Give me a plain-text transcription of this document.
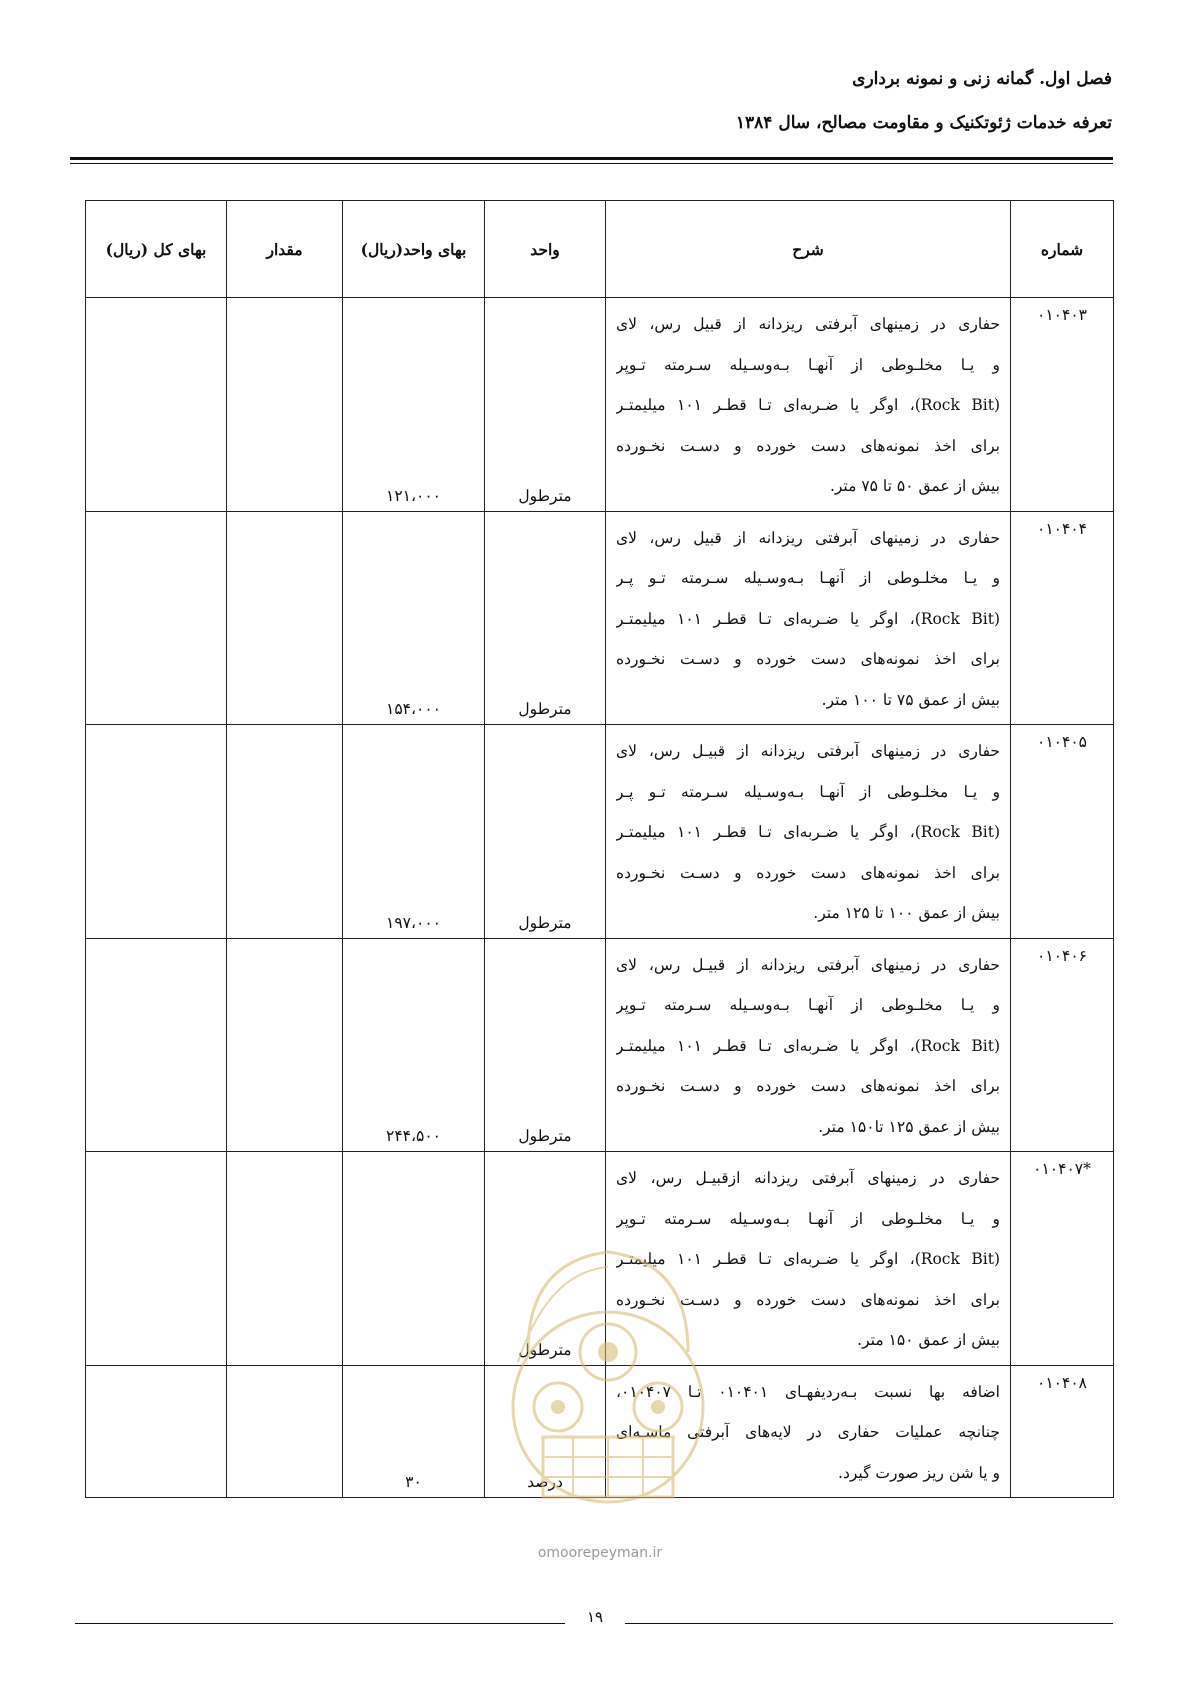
فصل اول. گمانه زنی و نمونه برداری
تعرفه خدمات ژئوتکنیک و مقاومت مصالح، سال ۱۳۸۴
شماره	شرح	واحد	بهای واحد(ریال)	مقدار	بهای کل (ریال)
۰۱۰۴۰۳	حفاری در زمینهای آبرفتی ریزدانه از قبیل رس، لای
و یـا مخلـوطی از آنهـا بـه‌وسـیله سـرمته تـوپر
(Rock Bit)، اوگر یا ضـربه‌ای تـا قطـر ۱۰۱ میلیمتـر
برای اخذ نمونه‌های دست خورده و دسـت نخـورده
بیش از عمق ۵۰ تا ۷۵ متر.	مترطول	۱۲۱،۰۰۰		
۰۱۰۴۰۴	حفاری در زمینهای آبرفتی ریزدانه از قبیل رس، لای
و یـا مخلـوطی از آنهـا بـه‌وسـیله سـرمته تـو پـر
(Rock Bit)، اوگر یا ضـربه‌ای تـا قطـر ۱۰۱ میلیمتـر
برای اخذ نمونه‌های دست خورده و دسـت نخـورده
بیش از عمق ۷۵ تا ۱۰۰ متر.	مترطول	۱۵۴،۰۰۰		
۰۱۰۴۰۵	حفاری در زمینهای آبرفتی ریزدانه از قبیـل رس، لای
و یـا مخلـوطی از آنهـا بـه‌وسـیله سـرمته تـو پـر
(Rock Bit)، اوگر یا ضـربه‌ای تـا قطـر ۱۰۱ میلیمتـر
برای اخذ نمونه‌های دست خورده و دسـت نخـورده
بیش از عمق ۱۰۰ تا ۱۲۵ متر.	مترطول	۱۹۷،۰۰۰		
۰۱۰۴۰۶	حفاری در زمینهای آبرفتی ریزدانه از قبیـل رس، لای
و یـا مخلـوطی از آنهـا بـه‌وسـیله سـرمته تـوپر
(Rock Bit)، اوگر یا ضـربه‌ای تـا قطـر ۱۰۱ میلیمتـر
برای اخذ نمونه‌های دست خورده و دسـت نخـورده
بیش از عمق ۱۲۵ تا۱۵۰ متر.	مترطول	۲۴۴،۵۰۰		
*۰۱۰۴۰۷	حفاری در زمینهای آبرفتی ریزدانه ازقبیـل رس، لای
و یـا مخلـوطی از آنهـا بـه‌وسـیله سـرمته تـوپر
(Rock Bit)، اوگر یا ضـربه‌ای تـا قطـر ۱۰۱ میلیمتـر
برای اخذ نمونه‌های دست خورده و دسـت نخـورده
بیش از عمق ۱۵۰ متر.	مترطول			
۰۱۰۴۰۸	اضافه بها نسبت بـه‌ردیفهـای ۰۱۰۴۰۱ تـا ۰۱۰۴۰۷،
چنانچه عملیات حفاری در لایه‌های آبرفتی ماسـه‌ای
و یا شن ریز صورت گیرد.	درصد	۳۰		
omoorepeyman.ir
۱۹
